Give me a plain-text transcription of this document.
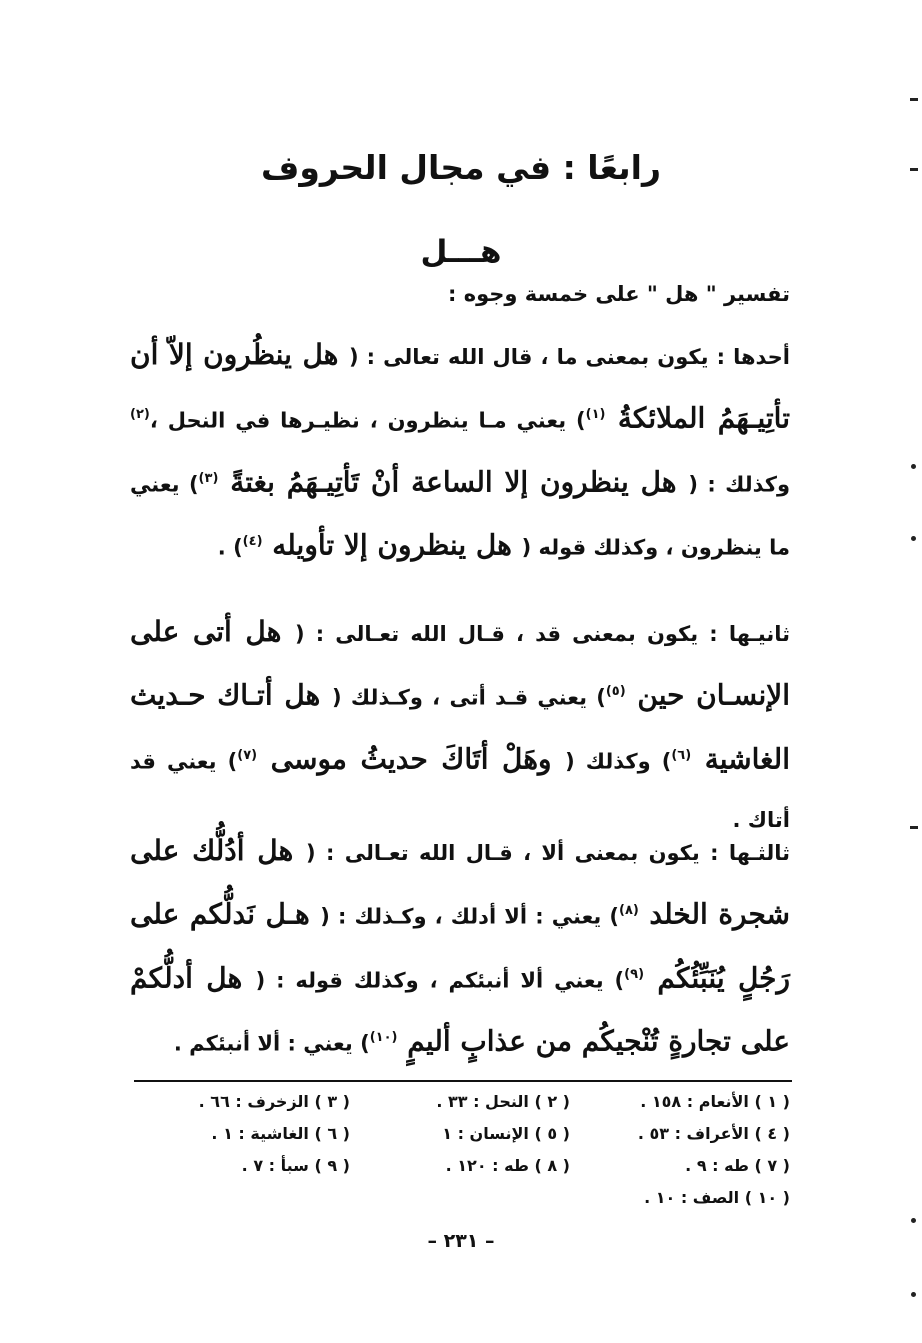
رابعًا : في مجال الحروف
هـــل

تفسير " هل " على خمسة وجوه :

أحدها : يكون بمعنى ما ، قال الله تعالى : ( هل ينظُرون إلاّ أن تأتِيـهَمُ الملائكةُ $^{(١)}$) يعني مـا ينظرون ، نظيـرها في النحل ،$^{(٢)}$ وكذلك : ( هل ينظرون إلا الساعة أنْ تَأتِيـهَمُ بغتةً $^{(٣)}$) يعني ما ينظرون ، وكذلك قوله ( هل ينظرون إلا تأويله $^{(٤)}$) .

ثانيـها : يكون بمعنى قد ، قـال الله تعـالى : ( هل أتى على الإنسـان حين $^{(٥)}$) يعني قـد أتى ، وكـذلك ( هل أتـاك حـديث الغاشية $^{(٦)}$) وكذلك ( وهَلْ أتَاكَ حديثُ موسى $^{(٧)}$) يعني قد أتاك .

ثالثـها : يكون بمعنى ألا ، قـال الله تعـالى : ( هل أدُلُّك على شجرة الخلد $^{(٨)}$) يعني : ألا أدلك ، وكـذلك : ( هـل نَدلُّكم على رَجُلٍ يُنَبِّئُكُم $^{(٩)}$) يعني ألا أنبئكم ، وكذلك قوله : ( هل أدلُّكمْ على تجارةٍ تُنْجيكُم من عذابٍ أليمٍ $^{(١٠)}$) يعني : ألا أنبئكم .

( ١ ) الأنعام : ١٥٨ .
( ٢ ) النحل : ٣٣ .
( ٣ ) الزخرف : ٦٦ .
( ٤ ) الأعراف : ٥٣ .
( ٥ ) الإنسان : ١
( ٦ ) الغاشية : ١ .
( ٧ ) طه : ٩ .
( ٨ ) طه : ١٢٠ .
( ٩ ) سبأ : ٧ .
( ١٠ ) الصف : ١٠ .
– ٢٣١ –
